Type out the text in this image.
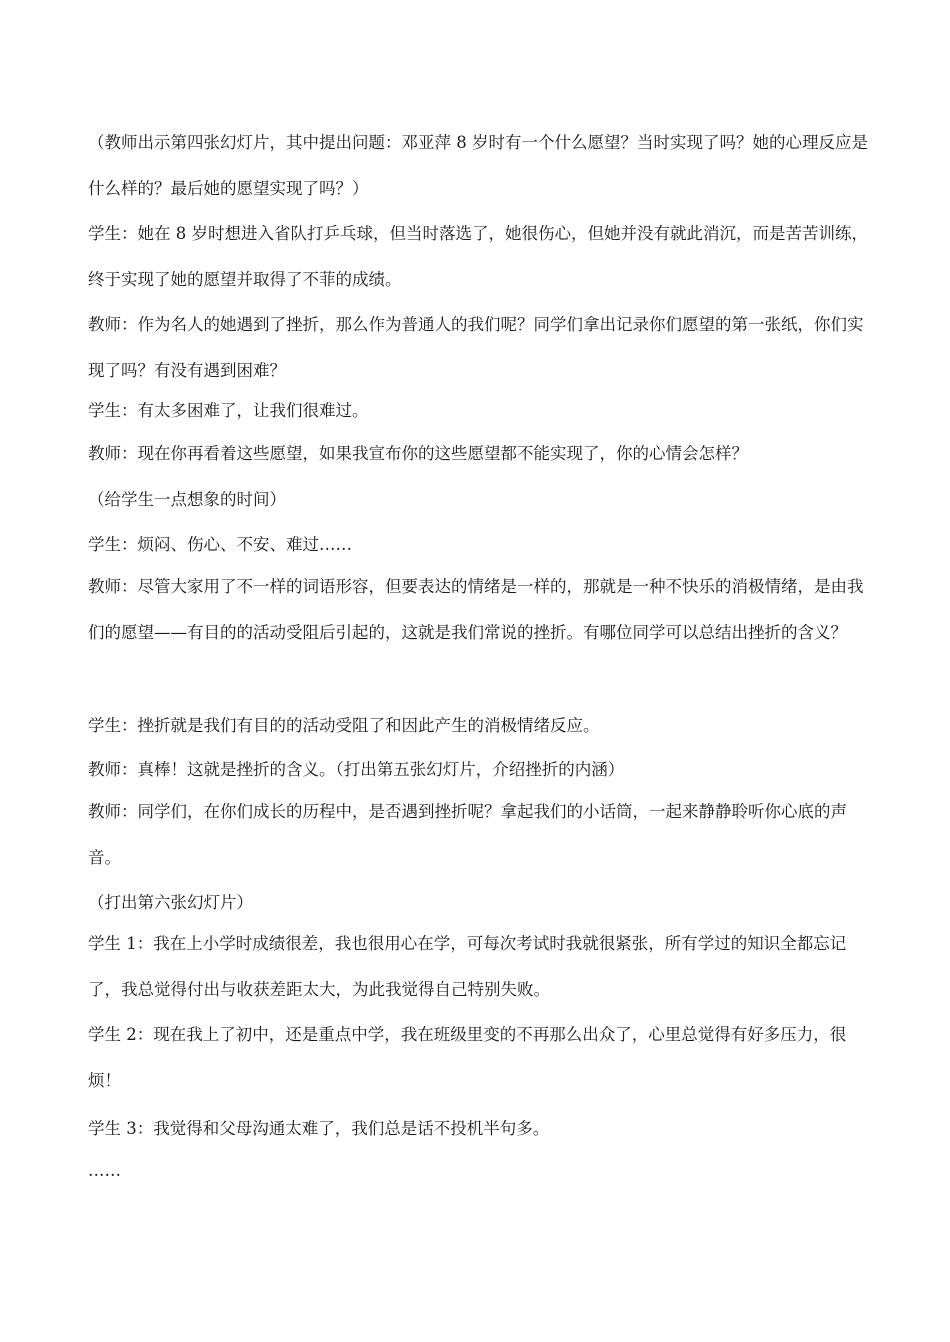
（教师出示第四张幻灯片，其中提出问题：邓亚萍 8 岁时有一个什么愿望？当时实现了吗？她的心理反应是什么样的？最后她的愿望实现了吗？）
学生：她在 8 岁时想进入省队打乒乓球，但当时落选了，她很伤心，但她并没有就此消沉，而是苦苦训练，终于实现了她的愿望并取得了不菲的成绩。
教师：作为名人的她遇到了挫折，那么作为普通人的我们呢？同学们拿出记录你们愿望的第一张纸，你们实现了吗？有没有遇到困难？
学生：有太多困难了，让我们很难过。
教师：现在你再看着这些愿望，如果我宣布你的这些愿望都不能实现了，你的心情会怎样？
（给学生一点想象的时间）
学生：烦闷、伤心、不安、难过……
教师：尽管大家用了不一样的词语形容，但要表达的情绪是一样的，那就是一种不快乐的消极情绪，是由我们的愿望——有目的的活动受阻后引起的，这就是我们常说的挫折。有哪位同学可以总结出挫折的含义？
学生：挫折就是我们有目的的活动受阻了和因此产生的消极情绪反应。
教师：真棒！这就是挫折的含义。（打出第五张幻灯片，介绍挫折的内涵）
教师：同学们，在你们成长的历程中，是否遇到挫折呢？拿起我们的小话筒，一起来静静聆听你心底的声音。
（打出第六张幻灯片）
学生 1：我在上小学时成绩很差，我也很用心在学，可每次考试时我就很紧张，所有学过的知识全都忘记了，我总觉得付出与收获差距太大，为此我觉得自己特别失败。
学生 2：现在我上了初中，还是重点中学，我在班级里变的不再那么出众了，心里总觉得有好多压力，很烦！
学生 3：我觉得和父母沟通太难了，我们总是话不投机半句多。
……
